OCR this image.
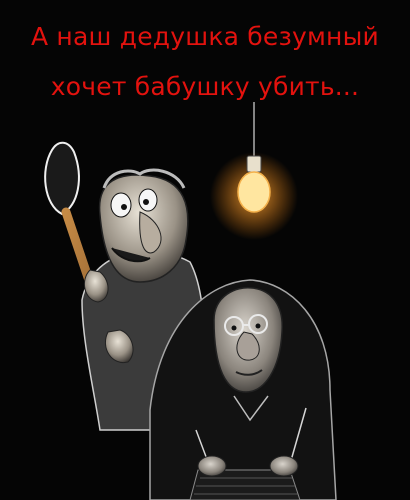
А наш дедушка безумный
хочет бабушку убить...
